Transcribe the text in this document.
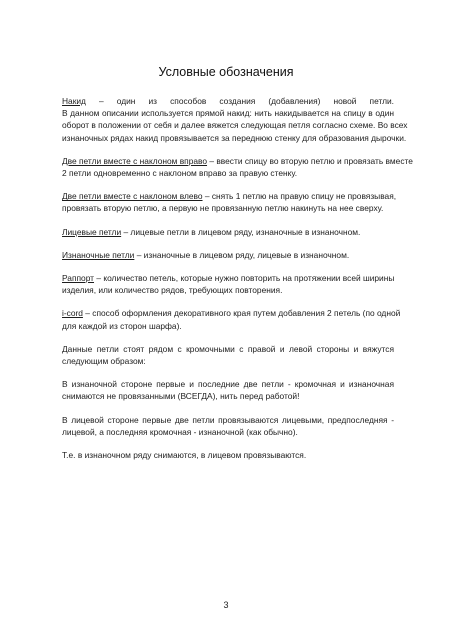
Условные обозначения
Накид – один из способов создания (добавления) новой петли.
В данном описании используется прямой накид: нить накидывается на спицу в один
оборот в положении от себя и далее вяжется следующая петля согласно схеме. Во всех
изнаночных рядах накид провязывается за переднюю стенку для образования дырочки.
Две петли вместе с наклоном вправо – ввести спицу во вторую петлю и провязать вместе
2 петли одновременно с наклоном вправо за правую стенку.
Две петли вместе с наклоном влево – снять 1 петлю на правую спицу не провязывая,
провязать вторую петлю, а первую не провязанную петлю накинуть на нее сверху.
Лицевые петли – лицевые петли в лицевом ряду, изнаночные в изнаночном.
Изнаночные петли – изнаночные в лицевом ряду, лицевые в изнаночном.
Раппорт – количество петель, которые нужно повторить на протяжении всей ширины
изделия, или количество рядов, требующих повторения.
i-cord – способ оформления декоративного края путем добавления 2 петель (по одной
для каждой из сторон шарфа).
Данные петли стоят рядом с кромочными с правой и левой стороны и вяжутся
следующим образом:
В изнаночной стороне первые и последние две петли - кромочная и изнаночная
снимаются не провязанными (ВСЕГДА), нить перед работой!
В лицевой стороне первые две петли провязываются лицевыми, предпоследняя -
лицевой, а последняя кромочная - изнаночной (как обычно).
Т.е. в изнаночном ряду снимаются, в лицевом провязываются.
3
